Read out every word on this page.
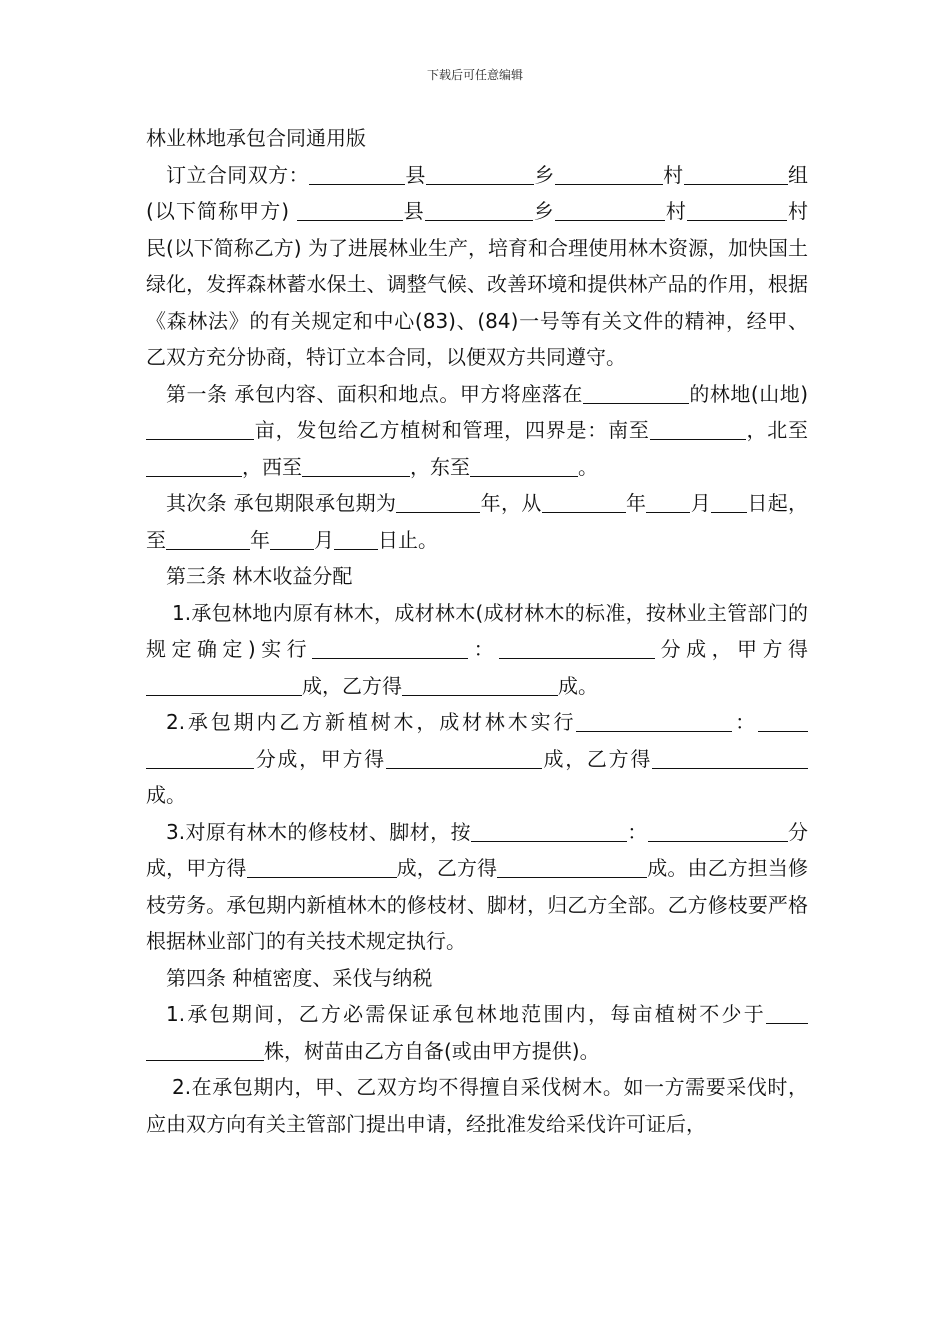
下载后可任意编辑

林业林地承包合同通用版

订立合同双方：	县	乡	村	组(以下简称甲方)	县	乡	村	村民(以下简称乙方) 为了进展林业生产，培育和合理使用林木资源，加快国土绿化，发挥森林蓄水保土、调整气候、改善环境和提供林产品的作用，根据《森林法》的有关规定和中心(83)、(84)一号等有关文件的精神，经甲、乙双方充分协商，特订立本合同，以便双方共同遵守。

第一条 承包内容、面积和地点。甲方将座落在	的林地(山地)亩，发包给乙方植树和管理，四界是：南至	，北至，西至	，东至	。

其次条 承包期限承包期为	年，从	年 月 日起，至	年 月 日止。

第三条 林木收益分配

1.承包林地内原有林木，成材林木(成材林木的标准，按林业主管部门的规定确定)实行	：	分成，甲方得成，乙方得	成。

2.承包期内乙方新植树木，成材林木实行	：分成，甲方得	成，乙方得成。

3.对原有林木的修枝材、脚材，按	：	分成，甲方得	成，乙方得	成。由乙方担当修枝劳务。承包期内新植林木的修枝材、脚材，归乙方全部。乙方修枝要严格根据林业部门的有关技术规定执行。

第四条 种植密度、采伐与纳税

1.承包期间，乙方必需保证承包林地范围内，每亩植树不少于株，树苗由乙方自备(或由甲方提供)。

2.在承包期内，甲、乙双方均不得擅自采伐树木。如一方需要采伐时，应由双方向有关主管部门提出申请，经批准发给采伐许可证后，
